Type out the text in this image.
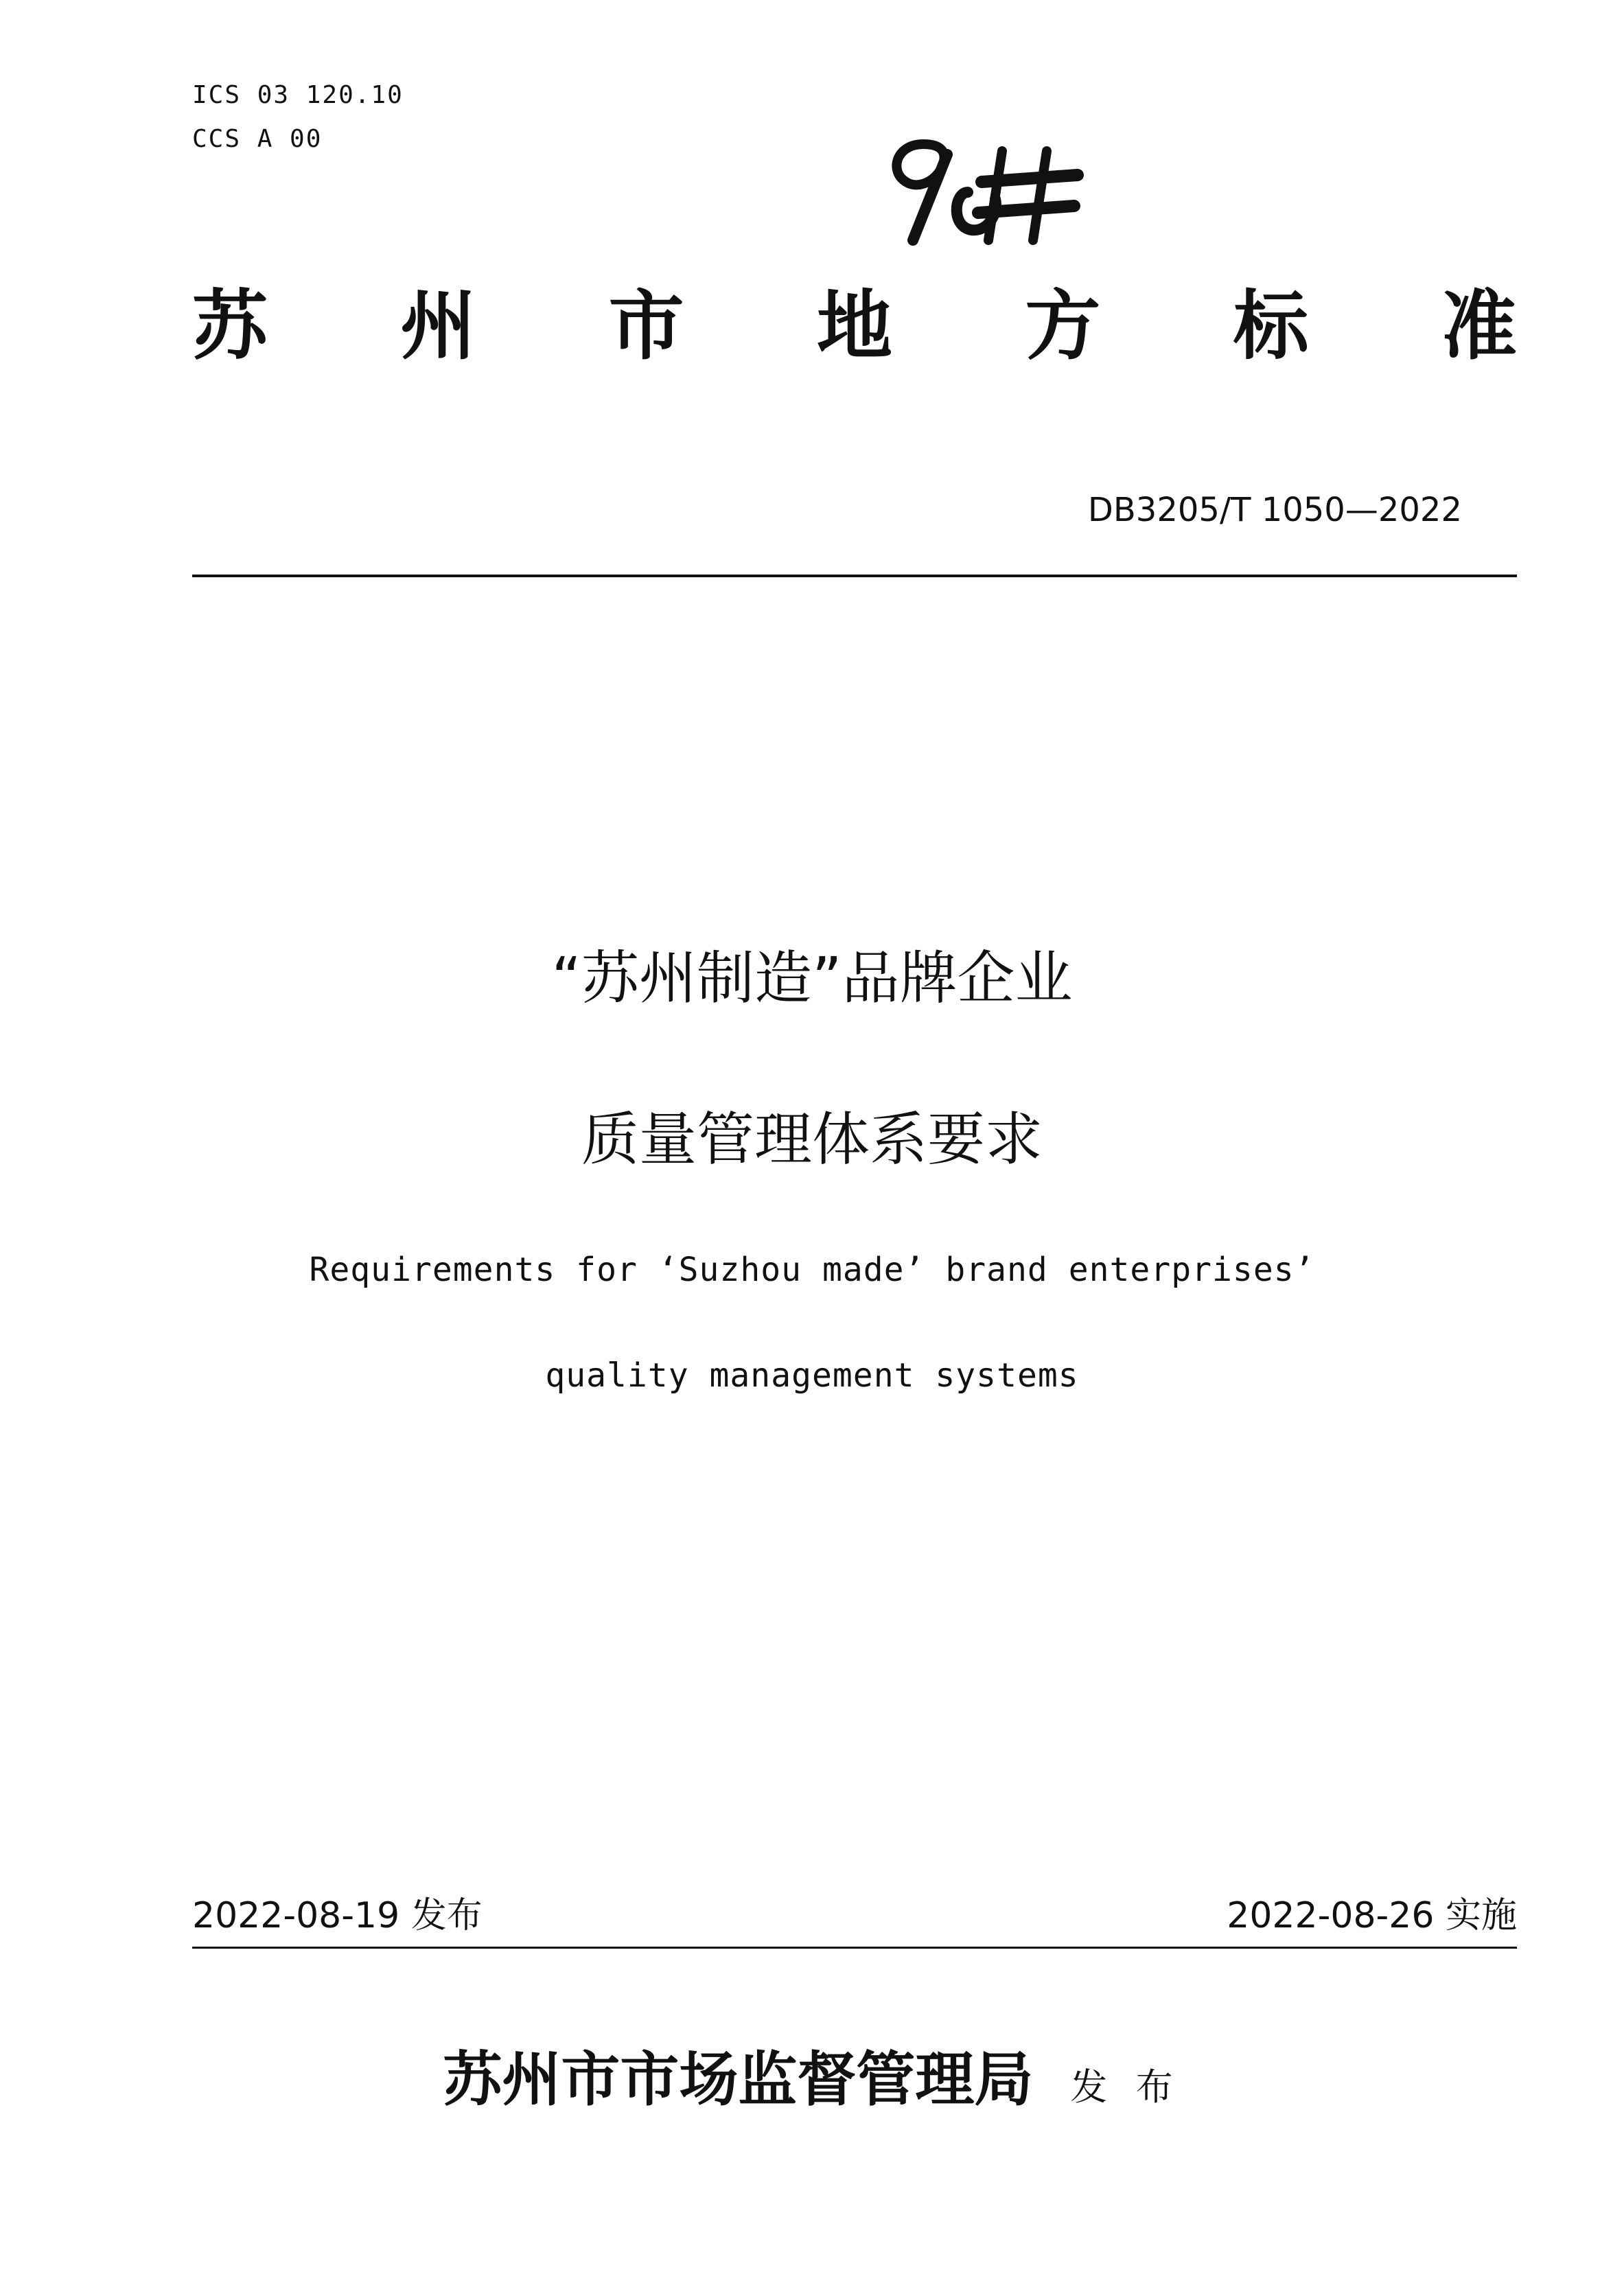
ICS 03 120.10
CCS A 00
苏 州 市 地 方 标 准
DB3205/T 1050—2022
“苏州制造”品牌企业
质量管理体系要求
Requirements for ‘Suzhou made’ brand enterprises’
quality management systems
2022-08-19 发布	2022-08-26 实施
苏州市市场监督管理局 发 布
